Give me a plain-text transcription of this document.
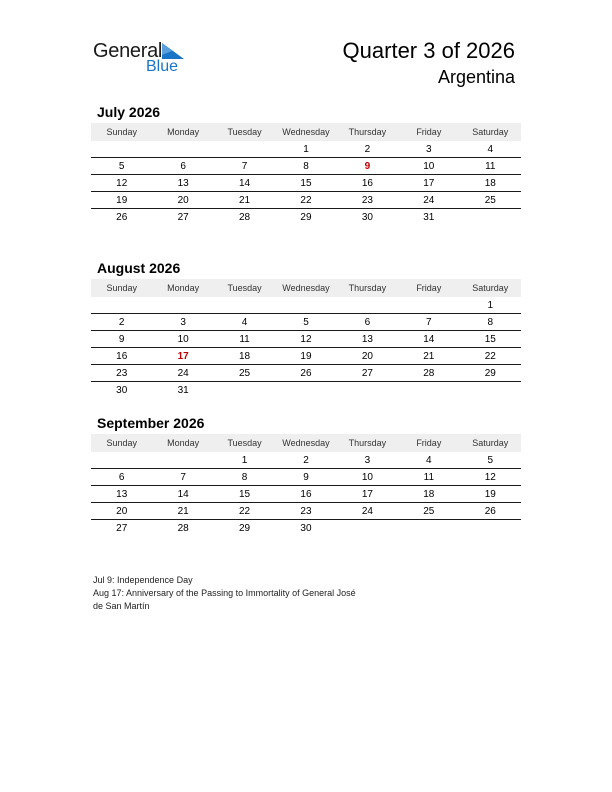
General
Blue
Quarter 3 of 2026
Argentina
July 2026
Sunday	Monday	Tuesday	Wednesday	Thursday	Friday	Saturday
			1	2	3	4
5	6	7	8	9	10	11
12	13	14	15	16	17	18
19	20	21	22	23	24	25
26	27	28	29	30	31	
August 2026
Sunday	Monday	Tuesday	Wednesday	Thursday	Friday	Saturday
						1
2	3	4	5	6	7	8
9	10	11	12	13	14	15
16	17	18	19	20	21	22
23	24	25	26	27	28	29
30	31					
September 2026
Sunday	Monday	Tuesday	Wednesday	Thursday	Friday	Saturday
		1	2	3	4	5
6	7	8	9	10	11	12
13	14	15	16	17	18	19
20	21	22	23	24	25	26
27	28	29	30			

Jul 9: Independence Day

Aug 17: Anniversary of the Passing to Immortality of General José

de San Martín
